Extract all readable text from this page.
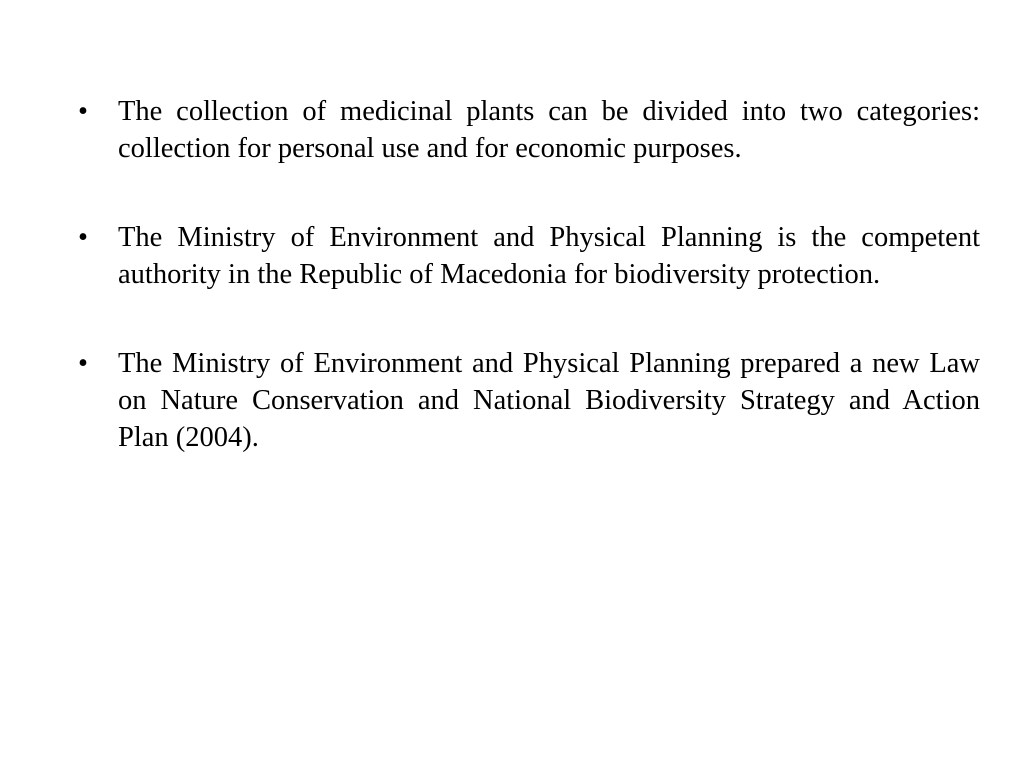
•	The collection of medicinal plants can be divided into two categories: collection for personal use and for economic purposes.
•	The Ministry of Environment and Physical Planning is the competent authority in the Republic of Macedonia for biodiversity protection.
•	The Ministry of Environment and Physical Planning prepared a new Law on Nature Conservation and National Biodiversity Strategy and Action Plan (2004).
